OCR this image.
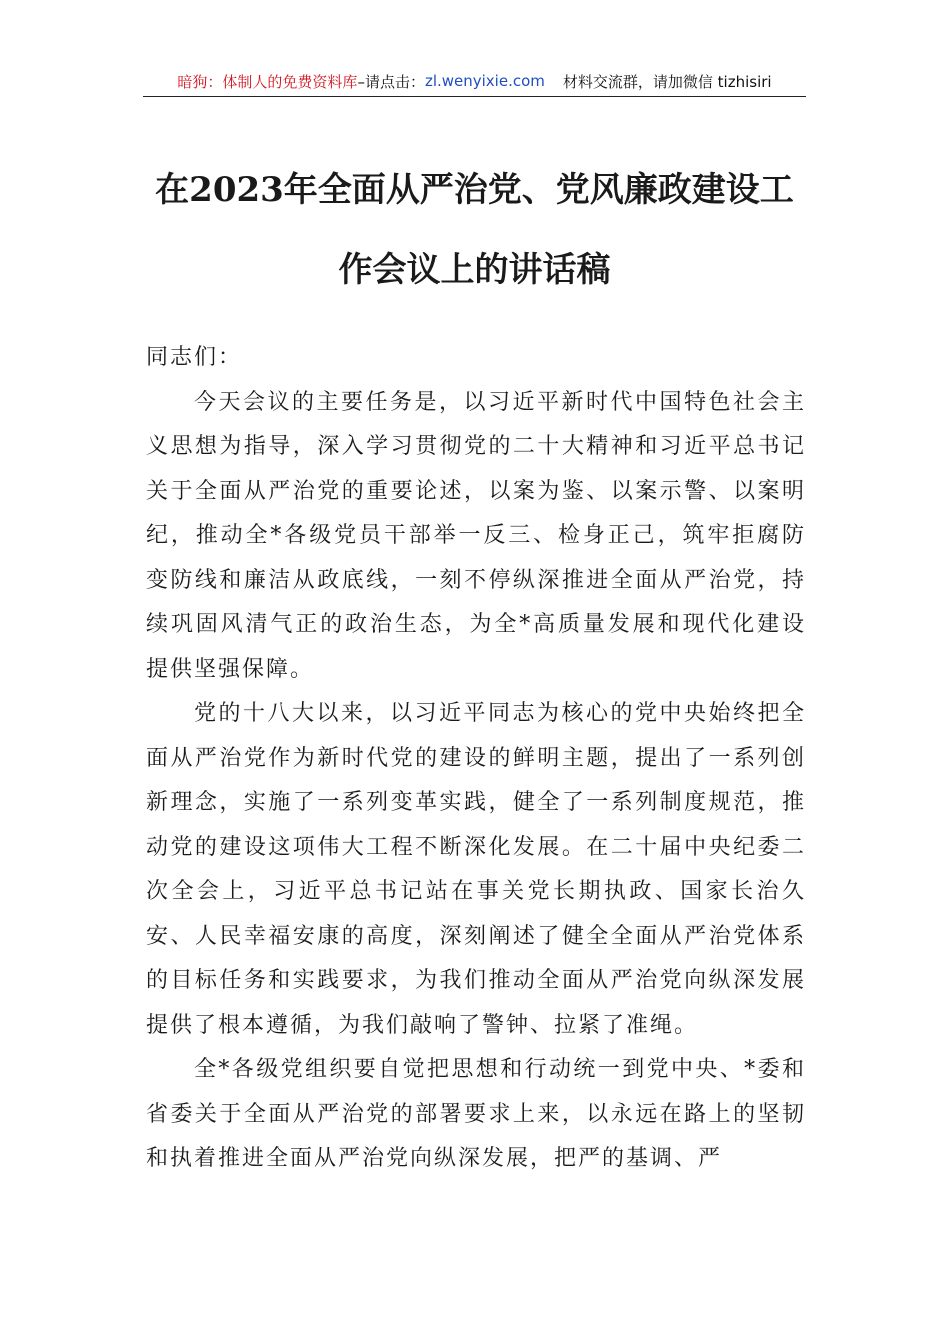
暗狗：体制人的免费资料库 –请点击： zl.wenyixie.com 材料交流群，请加微信 tizhisiri
在2023年全面从严治党、党风廉政建设工
作会议上的讲话稿

同志们：

今天会议的主要任务是，以习近平新时代中国特色社会主义思想为指导，深入学习贯彻党的二十大精神和习近平总书记关于全面从严治党的重要论述，以案为鉴、以案示警、以案明纪，推动全*各级党员干部举一反三、检身正己，筑牢拒腐防变防线和廉洁从政底线，一刻不停纵深推进全面从严治党，持续巩固风清气正的政治生态，为全*高质量发展和现代化建设提供坚强保障。

党的十八大以来，以习近平同志为核心的党中央始终把全面从严治党作为新时代党的建设的鲜明主题，提出了一系列创新理念，实施了一系列变革实践，健全了一系列制度规范，推动党的建设这项伟大工程不断深化发展。在二十届中央纪委二次全会上，习近平总书记站在事关党长期执政、国家长治久安、人民幸福安康的高度，深刻阐述了健全全面从严治党体系的目标任务和实践要求，为我们推动全面从严治党向纵深发展提供了根本遵循，为我们敲响了警钟、拉紧了准绳。

全*各级党组织要自觉把思想和行动统一到党中央、*委和省委关于全面从严治党的部署要求上来，以永远在路上的坚韧和执着推进全面从严治党向纵深发展，把严的基调、严
